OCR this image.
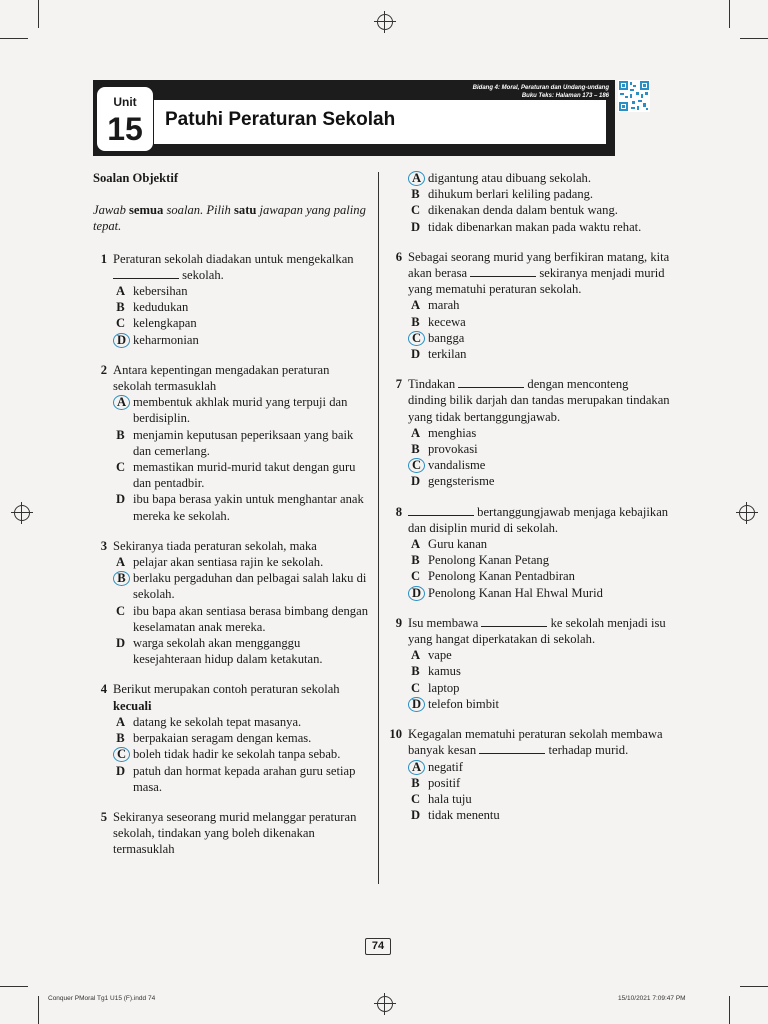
Unit
15	Patuhi Peraturan Sekolah
Bidang 4: Moral, Peraturan dan Undang-undang
Buku Teks: Halaman 173 – 186

Soalan Objektif

Jawab semua soalan. Pilih satu jawapan yang paling tepat.

1 Peraturan sekolah diadakan untuk mengekalkan  sekolah.

A kebersihan
B kedudukan
C kelengkapan
D keharmonian
2 Antara kepentingan mengadakan peraturan sekolah termasuklah

A membentuk akhlak murid yang terpuji dan berdisiplin.
B menjamin keputusan peperiksaan yang baik dan cemerlang.
C memastikan murid-murid takut dengan guru dan pentadbir.
D ibu bapa berasa yakin untuk menghantar anak mereka ke sekolah.
3 Sekiranya tiada peraturan sekolah, maka

A pelajar akan sentiasa rajin ke sekolah.
B berlaku pergaduhan dan pelbagai salah laku di sekolah.
C ibu bapa akan sentiasa berasa bimbang dengan keselamatan anak mereka.
D warga sekolah akan mengganggu kesejahteraan hidup dalam ketakutan.
4 Berikut merupakan contoh peraturan sekolah
kecuali

A datang ke sekolah tepat masanya.
B berpakaian seragam dengan kemas.
C boleh tidak hadir ke sekolah tanpa sebab.
D patuh dan hormat kepada arahan guru setiap masa.
5 Sekiranya seseorang murid melanggar peraturan sekolah, tindakan yang boleh dikenakan termasuklah

A digantung atau dibuang sekolah.
B dihukum berlari keliling padang.
C dikenakan denda dalam bentuk wang.
D tidak dibenarkan makan pada waktu rehat.
6 Sebagai seorang murid yang berfikiran matang, kita akan berasa	sekiranya menjadi murid yang mematuhi peraturan sekolah.

A marah
B kecewa
C bangga
D terkilan
7 Tindakan	dengan menconteng dinding bilik darjah dan tandas merupakan tindakan yang tidak bertanggungjawab.

A menghias
B provokasi
C vandalisme
D gengsterisme
8	bertanggungjawab menjaga kebajikan dan disiplin murid di sekolah.

A Guru kanan
B Penolong Kanan Petang
C Penolong Kanan Pentadbiran
D Penolong Kanan Hal Ehwal Murid
9 Isu membawa	ke sekolah menjadi isu yang hangat diperkatakan di sekolah.

A vape
B kamus
C laptop
D telefon bimbit
10 Kegagalan mematuhi peraturan sekolah membawa banyak kesan	terhadap murid.

A negatif
B positif
C hala tuju
D tidak menentu
74
Conquer PMoral Tg1 U15 (F).indd 74	15/10/2021 7:09:47 PM
